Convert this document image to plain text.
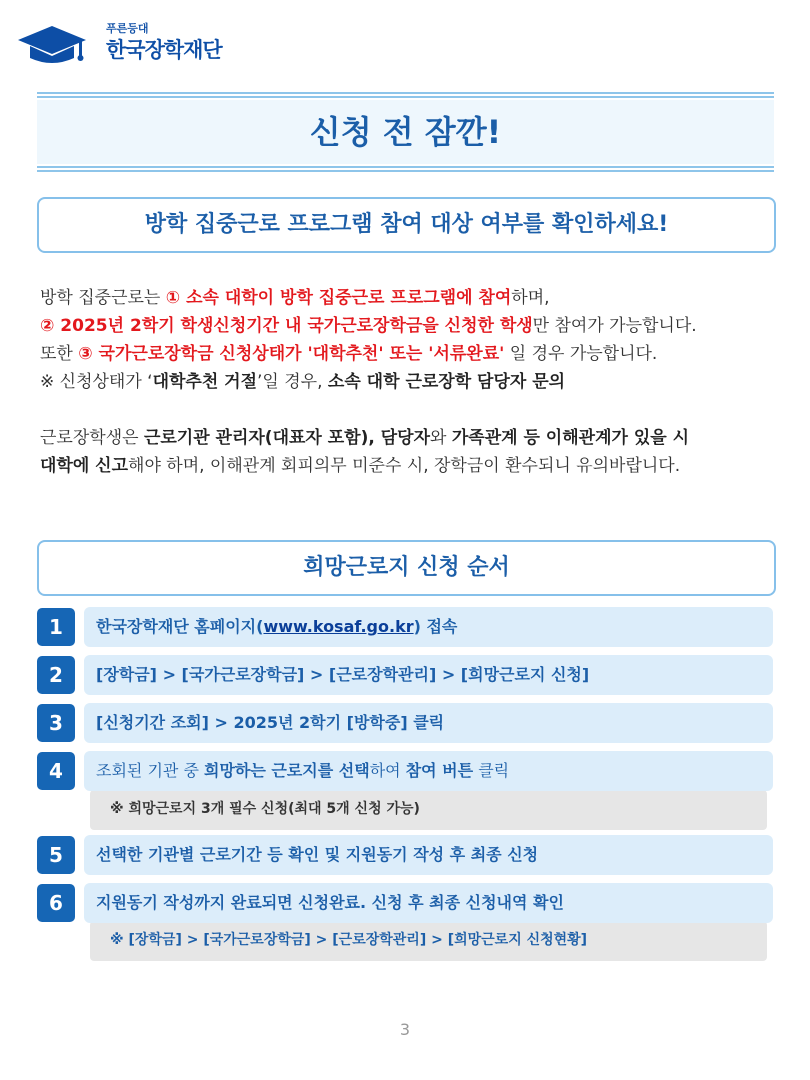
푸른등대
한국장학재단
신청 전 잠깐!
방학 집중근로 프로그램 참여 대상 여부를 확인하세요!
방학 집중근로는 ① 소속 대학이 방학 집중근로 프로그램에 참여하며,
② 2025년 2학기 학생신청기간 내 국가근로장학금을 신청한 학생만 참여가 가능합니다.
또한 ③ 국가근로장학금 신청상태가 '대학추천' 또는 '서류완료' 일 경우 가능합니다.
※ 신청상태가 ‘대학추천 거절’일 경우, 소속 대학 근로장학 담당자 문의
근로장학생은 근로기관 관리자(대표자 포함), 담당자와 가족관계 등 이해관계가 있을 시
대학에 신고해야 하며, 이해관계 회피의무 미준수 시, 장학금이 환수되니 유의바랍니다.
희망근로지 신청 순서
1	한국장학재단 홈페이지(www.kosaf.go.kr) 접속
2	[장학금] > [국가근로장학금] > [근로장학관리] > [희망근로지 신청]
3	[신청기간 조회] > 2025년 2학기 [방학중] 클릭
※ 희망근로지 3개 필수 신청(최대 5개 신청 가능)
4	조회된 기관 중 희망하는 근로지를 선택하여 참여 버튼 클릭
5	선택한 기관별 근로기간 등 확인 및 지원동기 작성 후 최종 신청
※ [장학금] > [국가근로장학금] > [근로장학관리] > [희망근로지 신청현황]
6	지원동기 작성까지 완료되면 신청완료. 신청 후 최종 신청내역 확인
3
